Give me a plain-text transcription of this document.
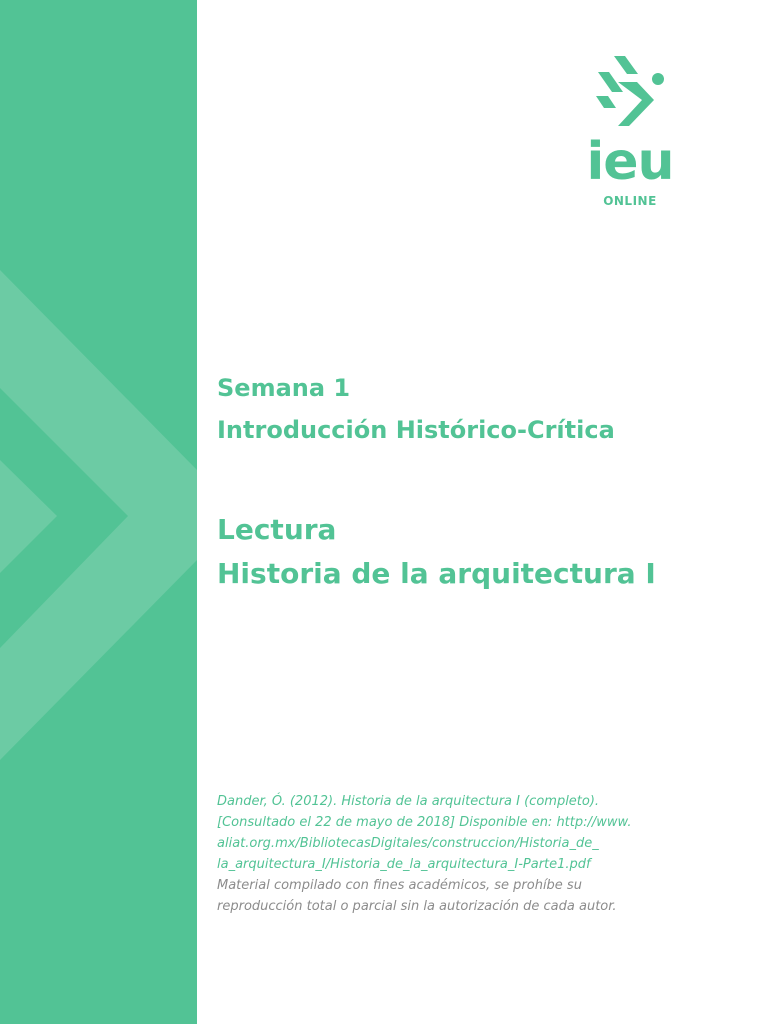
ieu
ONLINE
Semana 1
Introducción Histórico-Crítica
Lectura
Historia de la arquitectura I
Dander, Ó. (2012). Historia de la arquitectura I (completo).
[Consultado el 22 de mayo de 2018] Disponible en: http://www.
aliat.org.mx/BibliotecasDigitales/construccion/Historia_de_
la_arquitectura_I/Historia_de_la_arquitectura_I-Parte1.pdf
Material compilado con fines académicos, se prohíbe su
reproducción total o parcial sin la autorización de cada autor.
